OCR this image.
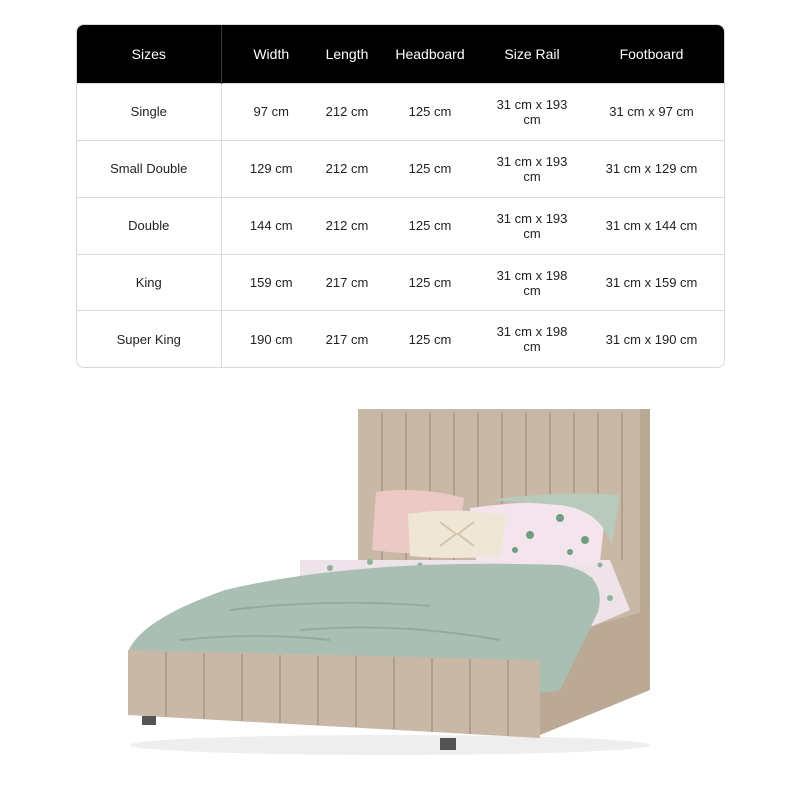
Sizes	Width	Length	Headboard	Size Rail	Footboard
Single	97 cm	212 cm	125 cm	31 cm x 193 cm	31 cm x 97 cm
Small Double	129 cm	212 cm	125 cm	31 cm x 193 cm	31 cm x 129 cm
Double	144 cm	212 cm	125 cm	31 cm x 193 cm	31 cm x 144 cm
King	159 cm	217 cm	125 cm	31 cm x 198 cm	31 cm x 159 cm
Super King	190 cm	217 cm	125 cm	31 cm x 198 cm	31 cm x 190 cm
